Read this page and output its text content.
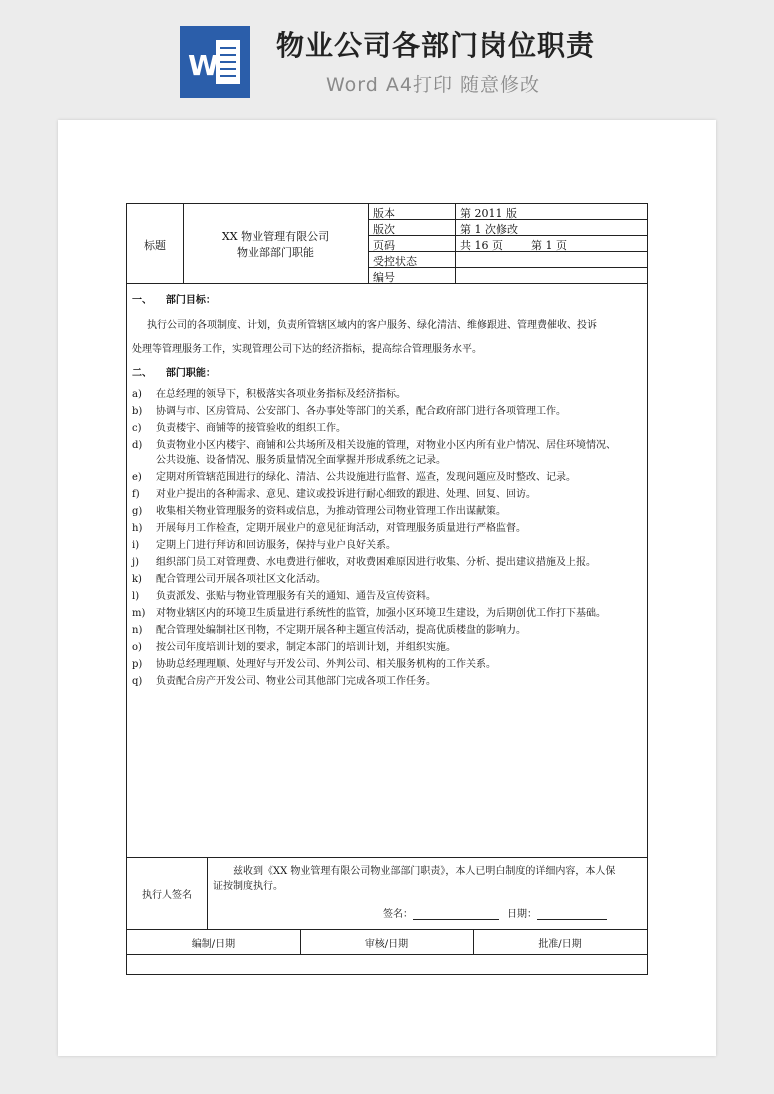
W
物业公司各部门岗位职责
Word A4打印 随意修改
标题
XX 物业管理有限公司
物业部部门职能
版本	第 2011 版
版次	第 1 次修改
页码	共 16 页        第 1 页
受控状态
编号
一、    部门目标：
执行公司的各项制度、计划，负责所管辖区域内的客户服务、绿化清洁、维修跟进、管理费催收、投诉
处理等管理服务工作，实现管理公司下达的经济指标，提高综合管理服务水平。
二、    部门职能：
a) 在总经理的领导下，积极落实各项业务指标及经济指标。
b) 协调与市、区房管局、公安部门、各办事处等部门的关系，配合政府部门进行各项管理工作。
c) 负责楼宇、商铺等的接管验收的组织工作。
d) 负责物业小区内楼宇、商铺和公共场所及相关设施的管理，对物业小区内所有业户情况、居住环境情况、
公共设施、设备情况、服务质量情况全面掌握并形成系统之记录。
e) 定期对所管辖范围进行的绿化、清洁、公共设施进行监督、巡查，发现问题应及时整改、记录。
f) 对业户提出的各种需求、意见、建议或投诉进行耐心细致的跟进、处理、回复、回访。
g) 收集相关物业管理服务的资料或信息，为推动管理公司物业管理工作出谋献策。
h) 开展每月工作检查，定期开展业户的意见征询活动，对管理服务质量进行严格监督。
i) 定期上门进行拜访和回访服务，保持与业户良好关系。
j) 组织部门员工对管理费、水电费进行催收，对收费困难原因进行收集、分析、提出建议措施及上报。
k) 配合管理公司开展各项社区文化活动。
l) 负责派发、张贴与物业管理服务有关的通知、通告及宣传资料。
m) 对物业辖区内的环境卫生质量进行系统性的监管，加强小区环境卫生建设，为后期创优工作打下基础。
n) 配合管理处编制社区刊物，不定期开展各种主题宣传活动，提高优质楼盘的影响力。
o) 按公司年度培训计划的要求，制定本部门的培训计划，并组织实施。
p) 协助总经理理顺、处理好与开发公司、外判公司、相关服务机构的工作关系。
q) 负责配合房产开发公司、物业公司其他部门完成各项工作任务。
执行人签名
兹收到《XX 物业管理有限公司物业部部门职责》，本人已明白制度的详细内容，本人保
证按制度执行。
签名：	日期：
编制/日期	审核/日期	批准/日期
